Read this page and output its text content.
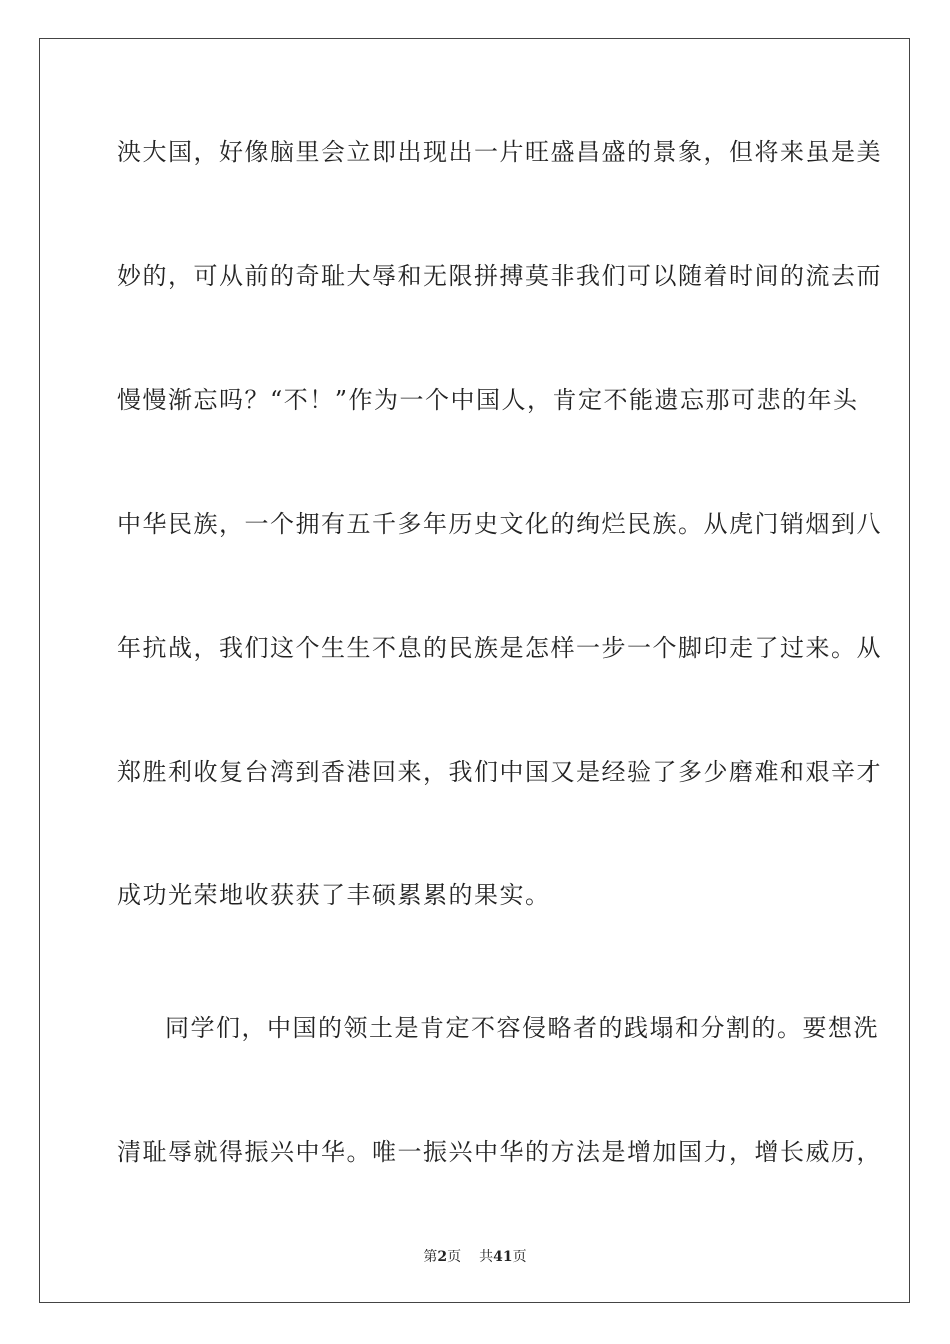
泱大国，好像脑里会立即出现出一片旺盛昌盛的景象，但将来虽是美
妙的，可从前的奇耻大辱和无限拼搏莫非我们可以随着时间的流去而
慢慢渐忘吗？“不！”作为一个中国人，肯定不能遗忘那可悲的年头
中华民族，一个拥有五千多年历史文化的绚烂民族。从虎门销烟到八
年抗战，我们这个生生不息的民族是怎样一步一个脚印走了过来。从
郑胜利收复台湾到香港回来，我们中国又是经验了多少磨难和艰辛才
成功光荣地收获获了丰硕累累的果实。
同学们，中国的领土是肯定不容侵略者的践塌和分割的。要想洗
清耻辱就得振兴中华。唯一振兴中华的方法是增加国力，增长威历，
第2页 共41页
